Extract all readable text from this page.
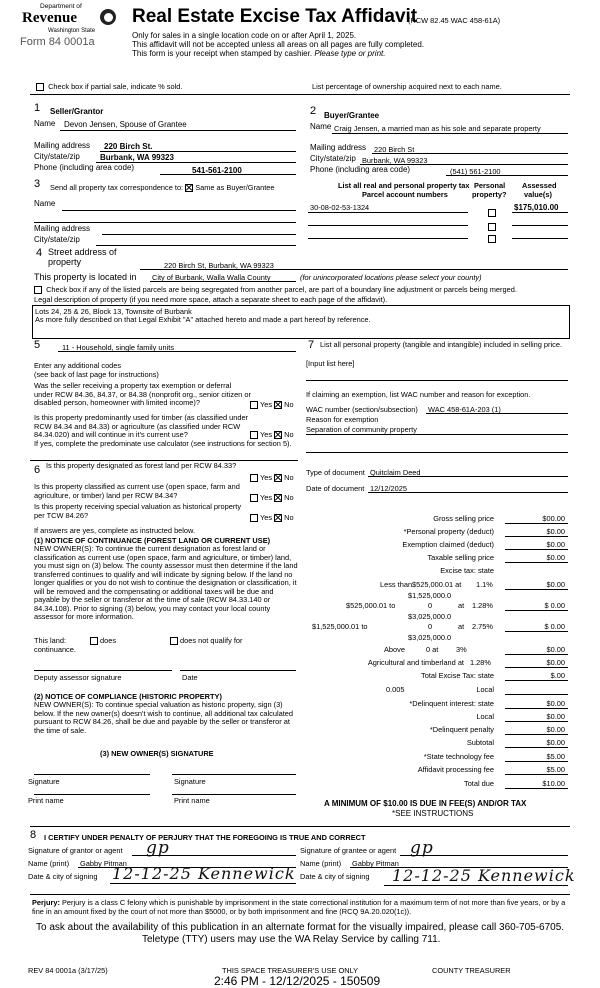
Department of
Revenue
Washington State
Form 84 0001a
Real Estate Excise Tax Affidavit
(RCW 82.45 WAC 458-61A)
Only for sales in a single location code on or after April 1, 2025.
This affidavit will not be accepted unless all areas on all pages are fully completed.
This form is your receipt when stamped by cashier. Please type or print.
Check box if partial sale, indicate % sold.	List percentage of ownership acquired next to each name.
1 Seller/Grantor
Name Devon Jensen, Spouse of Grantee
Mailing address 220 Birch St.
City/state/zip	Burbank, WA 99323
Phone (including area code)	541-561-2100
2 Buyer/Grantee
Name Craig Jensen, a married man as his sole and separate property
Mailing address 220 Birch St
City/state/zip Burbank, WA 99323
Phone (including area code)	(541) 561-2100
3 Send all property tax correspondence to: Same as Buyer/Grantee
Name
Mailing address
City/state/zip
List all real and personal property tax
Parcel account numbers
Personal
property?
Assessed
value(s)
30-08-02-53-1324	$175,010.00
4 Street address of property	220 Birch St, Burbank, WA 99323
This property is located in City of Burbank, Walla Walla County	(for unincorporated locations please select your county)
Check box if any of the listed parcels are being segregated from another parcel, are part of a boundary line adjustment or parcels being merged.
Legal description of property (if you need more space, attach a separate sheet to each page of the affidavit).
Lots 24, 25 & 26, Block 13, Townsite of Burbank
As more fully described on that Legal Exhibit "A" attached hereto and made a part hereof by reference.
5	11 - Household, single family units
Enter any additional codes
(see back of last page for instructions)
Was the seller receiving a property tax exemption or deferral under RCW 84.36, 84.37, or 84.38 (nonprofit org., senior citizen or disabled person, homeowner with limited income)?	Yes No
Is this property predominantly used for timber (as classified under RCW 84.34 and 84.33) or agriculture (as classified under RCW 84.34.020) and will continue in it's current use?	Yes No
If yes, complete the predominate use calculator (see instructions for section 5).
6 Is this property designated as forest land per RCW 84.33?
Yes No
Is this property classified as current use (open space, farm and agriculture, or timber) land per RCW 84.34?	Yes No
Is this property receiving special valuation as historical property per TCW 84.26?	Yes No
If answers are yes, complete as instructed below.
(1) NOTICE OF CONTINUANCE (FOREST LAND OR CURRENT USE)
NEW OWNER(S): To continue the current designation as forest land or classification as current use (open space, farm and agriculture, or timber) land, you must sign on (3) below. The county assessor must then determine if the land transferred continues to qualify and will indicate by signing below. If the land no longer qualifies or you do not wish to continue the designation or classification, it will be removed and the compensating or additional taxes will be due and payable by the seller or transferor at the time of sale (RCW 84.33.140 or 84.34.108). Prior to signing (3) below, you may contact your local county assessor for more information.
This land:	does	does not qualify for
continuance.
Deputy assessor signature	Date
(2) NOTICE OF COMPLIANCE (HISTORIC PROPERTY)
NEW OWNER(S): To continue special valuation as historic property, sign (3) below. If the new owner(s) doesn't wish to continue, all additional tax calculated pursuant to RCW 84.26, shall be due and payable by the seller or transferor at the time of sale.
(3) NEW OWNER(S) SIGNATURE
Signature	Signature
Print name	Print name
7 List all personal property (tangible and intangible) included in selling price.
[Input list here]
If claiming an exemption, list WAC number and reason for exception.
WAC number (section/subsection) WAC 458-61A-203 (1)
Reason for exemption
Separation of community property
Type of document Quitclaim Deed
Date of document 12/12/2025
Gross selling price	$00.00
*Personal property (deduct)	$0.00
Exemption claimed (deduct)	$0.00
Taxable selling price	$0.00
Excise tax: state
Less than $525,000.01 at 1.1%	$0.00
$1,525,000.0
$525,000.01 to	0	at 1.28%	$ 0.00
$3,025,000.0
$1,525,000.01 to	0	at 2.75%	$ 0.00
$3,025,000.0
Above	0 at 3%	$0.00
Agricultural and timberland at 1.28%	$0.00
Total Excise Tax: state	$.00
0.005	Local
*Delinquent interest: state	$0.00
Local	$0.00
*Delinquent penalty	$0.00
Subtotal	$0.00
*State technology fee	$5.00
Affidavit processing fee	$5.00
Total due	$10.00
A MINIMUM OF $10.00 IS DUE IN FEE(S) AND/OR TAX
*SEE INSTRUCTIONS
8 I CERTIFY UNDER PENALTY OF PERJURY THAT THE FOREGOING IS TRUE AND CORRECT
Signature of grantor or agent gp
Name (print) Gabby Pitman
Date & city of signing 12-12-25 Kennewick
Signature of grantee or agent gp
Name (print) Gabby Pitman
Date & city of signing 12-12-25 Kennewick
Perjury: Perjury is a class C felony which is punishable by imprisonment in the state correctional institution for a maximum term of not more than five years, or by a fine in an amount fixed by the court of not more than $5000, or by both imprisonment and fine (RCQ 9A.20.020(1c)).
To ask about the availability of this publication in an alternate format for the visually impaired, please call 360-705-6705.
Teletype (TTY) users may use the WA Relay Service by calling 711.
REV 84 0001a (3/17/25)	THIS SPACE TREASURER'S USE ONLY	COUNTY TREASURER
2:46 PM - 12/12/2025 - 150509
